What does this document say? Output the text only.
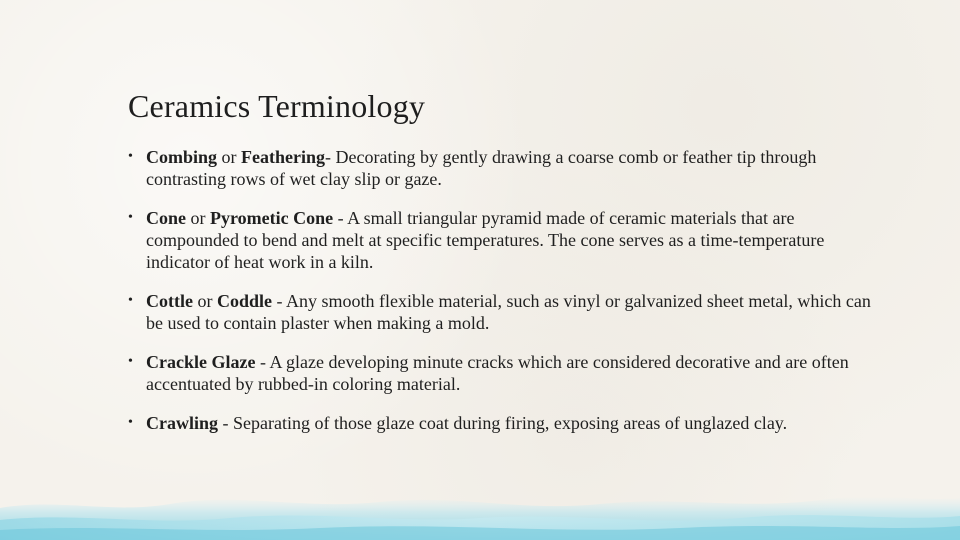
Ceramics Terminology
• Combing or Feathering- Decorating by gently drawing a coarse comb or feather tip through contrasting rows of wet clay slip or gaze.
• Cone or Pyrometic Cone - A small triangular pyramid made of ceramic materials that are compounded to bend and melt at specific temperatures. The cone serves as a time-temperature indicator of heat work in a kiln.
• Cottle or Coddle - Any smooth flexible material, such as vinyl or galvanized sheet metal, which can be used to contain plaster when making a mold.
• Crackle Glaze - A glaze developing minute cracks which are considered decorative and are often accentuated by rubbed-in coloring material.
• Crawling - Separating of those glaze coat during firing, exposing areas of unglazed clay.
